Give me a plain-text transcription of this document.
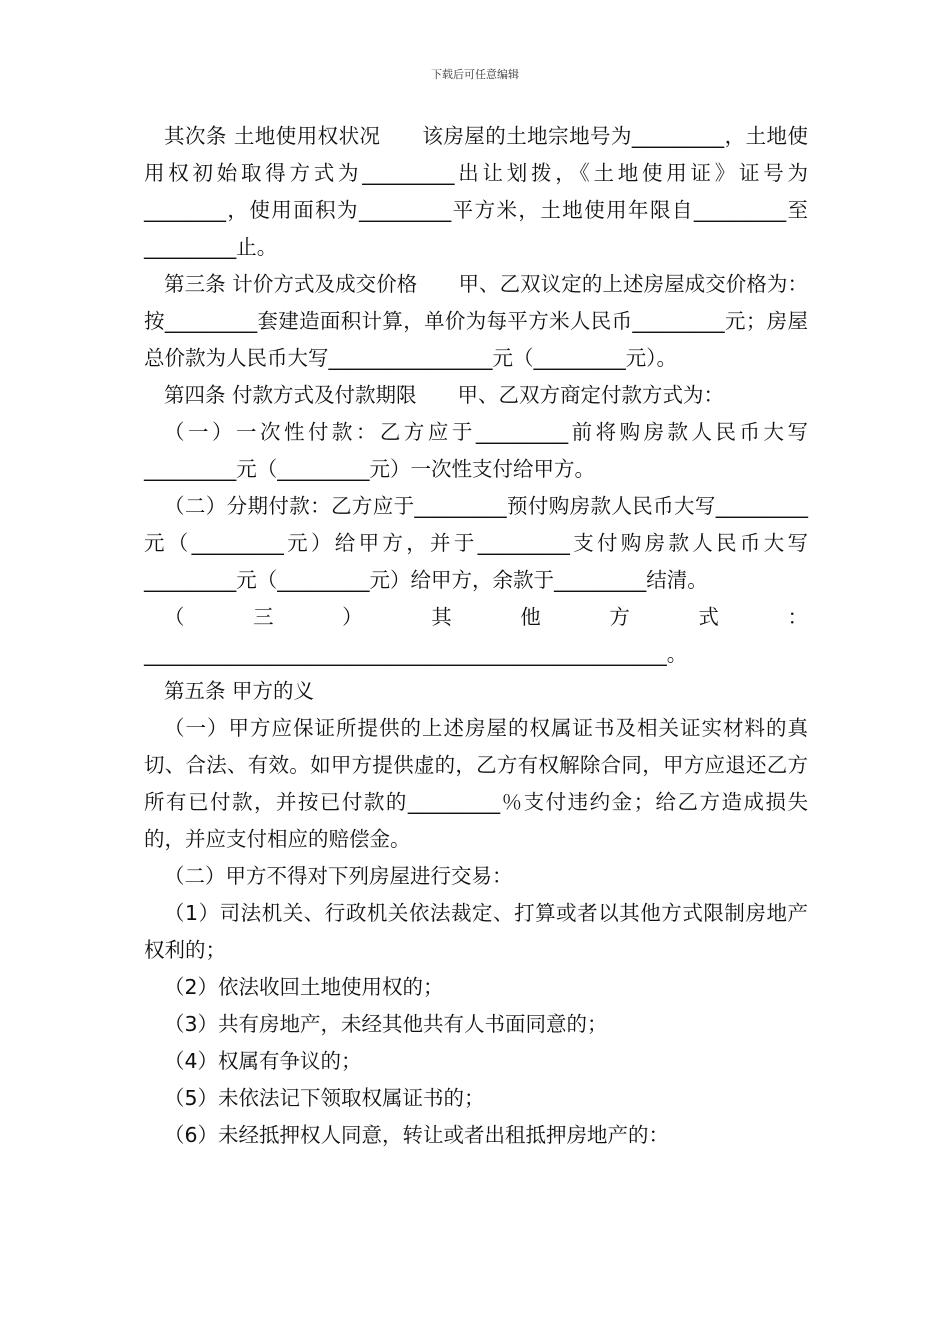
下载后可任意编辑

其次条 土地使用权状况　　该房屋的土地宗地号为_________，土地使用权初始取得方式为_________出让划拨，《土地使用证》证号为________，使用面积为_________平方米，土地使用年限自_________至_________止。

第三条 计价方式及成交价格　　甲、乙双议定的上述房屋成交价格为：按_________套建造面积计算，单价为每平方米人民币_________元；房屋总价款为人民币大写________________元（_________元）。

第四条 付款方式及付款期限　　甲、乙双方商定付款方式为：

（一）一次性付款：乙方应于_________前将购房款人民币大写_________元（_________元）一次性支付给甲方。

（二）分期付款：乙方应于_________预付购房款人民币大写_________元（_________元）给甲方，并于_________支付购房款人民币大写_________元（_________元）给甲方，余款于_________结清。

（三）其他方式：___________________________________________________。

第五条 甲方的义

（一）甲方应保证所提供的上述房屋的权属证书及相关证实材料的真切、合法、有效。如甲方提供虚的，乙方有权解除合同，甲方应退还乙方所有已付款，并按已付款的_________％支付违约金；给乙方造成损失的，并应支付相应的赔偿金。

（二）甲方不得对下列房屋进行交易：

（1）司法机关、行政机关依法裁定、打算或者以其他方式限制房地产权利的；

（2）依法收回土地使用权的；

（3）共有房地产，未经其他共有人书面同意的；

（4）权属有争议的；

（5）未依法记下领取权属证书的；

（6）未经抵押权人同意，转让或者出租抵押房地产的：
